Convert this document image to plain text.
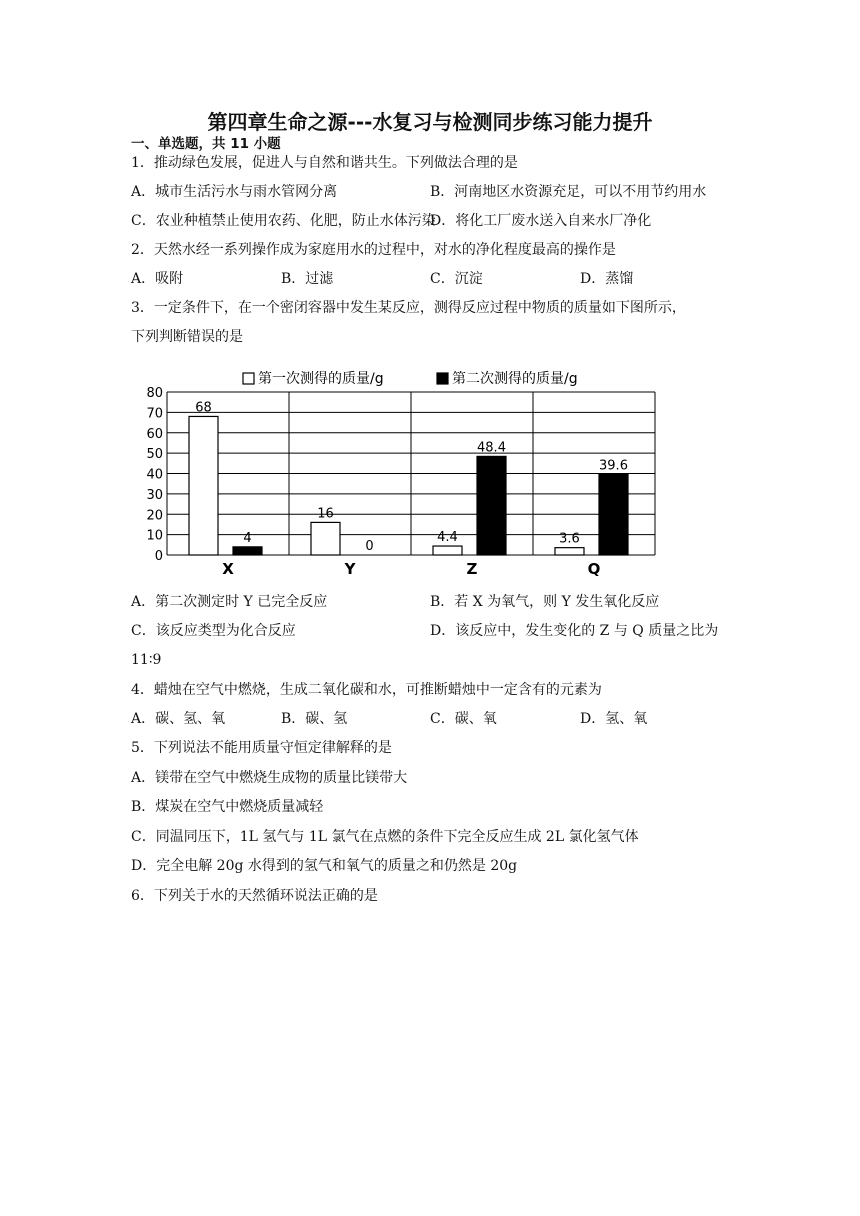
第四章生命之源---水复习与检测同步练习能力提升
一、单选题，共 11 小题
1．推动绿色发展，促进人与自然和谐共生。下列做法合理的是
A．城市生活污水与雨水管网分离	B．河南地区水资源充足，可以不用节约用水
C．农业种植禁止使用农药、化肥，防止水体污染
D．将化工厂废水送入自来水厂净化
2．天然水经一系列操作成为家庭用水的过程中，对水的净化程度最高的操作是
A．吸附	B．过滤	C．沉淀	D．蒸馏
3．一定条件下，在一个密闭容器中发生某反应，测得反应过程中物质的质量如下图所示，
下列判断错误的是
第一次测得的质量/g	第二次测得的质量/g
80
70
60
50
40
30
20
10
0
68
4
X
16
0
Y
4.4
48.4
Z
3.6
39.6
Q
A．第二次测定时 Y 已完全反应	B．若 X 为氧气，则 Y 发生氧化反应
C．该反应类型为化合反应	D．该反应中，发生变化的 Z 与 Q 质量之比为
11∶9
4．蜡烛在空气中燃烧，生成二氧化碳和水，可推断蜡烛中一定含有的元素为
A．碳、氢、氧	B．碳、氢	C．碳、氧	D．氢、氧
5．下列说法不能用质量守恒定律解释的是
A．镁带在空气中燃烧生成物的质量比镁带大
B．煤炭在空气中燃烧质量减轻
C．同温同压下，1L 氢气与 1L 氯气在点燃的条件下完全反应生成 2L 氯化氢气体
D．完全电解 20g 水得到的氢气和氧气的质量之和仍然是 20g
6．下列关于水的天然循环说法正确的是
